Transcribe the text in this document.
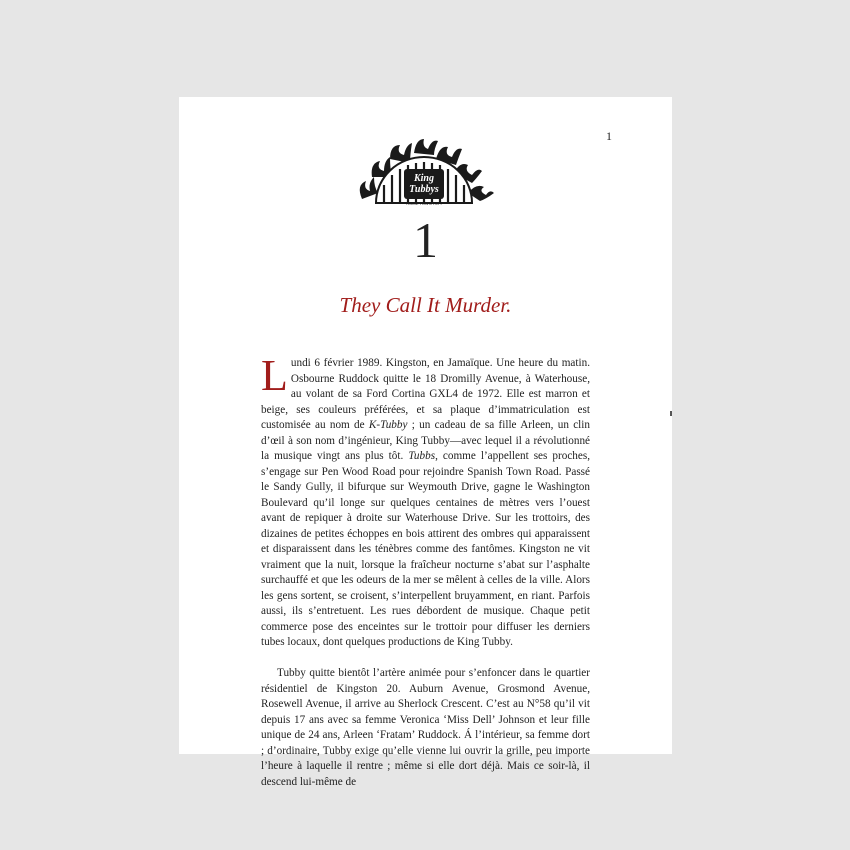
1
King
Tubbys
HOME TOWN HI-FI
1
They Call It Murder.

Lundi 6 février 1989. Kingston, en Jamaïque. Une heure du matin. Osbourne Ruddock quitte le 18 Dromilly Avenue, à Waterhouse, au volant de sa Ford Cortina GXL4 de 1972. Elle est marron et beige, ses couleurs préférées, et sa plaque d’immatriculation est customisée au nom de K-Tubby ; un cadeau de sa fille Arleen, un clin d’œil à son nom d’ingénieur, King Tubby—avec lequel il a révolutionné la musique vingt ans plus tôt. Tubbs, comme l’appellent ses proches, s’engage sur Pen Wood Road pour rejoindre Spanish Town Road. Passé le Sandy Gully, il bifurque sur Weymouth Drive, gagne le Washington Boulevard qu’il longe sur quelques centaines de mètres vers l’ouest avant de repiquer à droite sur Waterhouse Drive. Sur les trottoirs, des dizaines de petites échoppes en bois attirent des ombres qui apparaissent et disparaissent dans les ténèbres comme des fantômes. Kingston ne vit vraiment que la nuit, lorsque la fraîcheur nocturne s’abat sur l’asphalte surchauffé et que les odeurs de la mer se mêlent à celles de la ville. Alors les gens sortent, se croisent, s’interpellent bruyamment, en riant. Parfois aussi, ils s’entretuent. Les rues débordent de musique. Chaque petit commerce pose des enceintes sur le trottoir pour diffuser les derniers tubes locaux, dont quelques productions de King Tubby.

Tubby quitte bientôt l’artère animée pour s’enfoncer dans le quartier résidentiel de Kingston 20. Auburn Avenue, Grosmond Avenue, Rosewell Avenue, il arrive au Sherlock Crescent. C’est au N°58 qu’il vit depuis 17 ans avec sa femme Veronica ‘Miss Dell’ Johnson et leur fille unique de 24 ans, Arleen ‘Fratam’ Ruddock. Á l’intérieur, sa femme dort ; d’ordinaire, Tubby exige qu’elle vienne lui ouvrir la grille, peu importe l’heure à laquelle il rentre ; même si elle dort déjà. Mais ce soir-là, il descend lui-même de
